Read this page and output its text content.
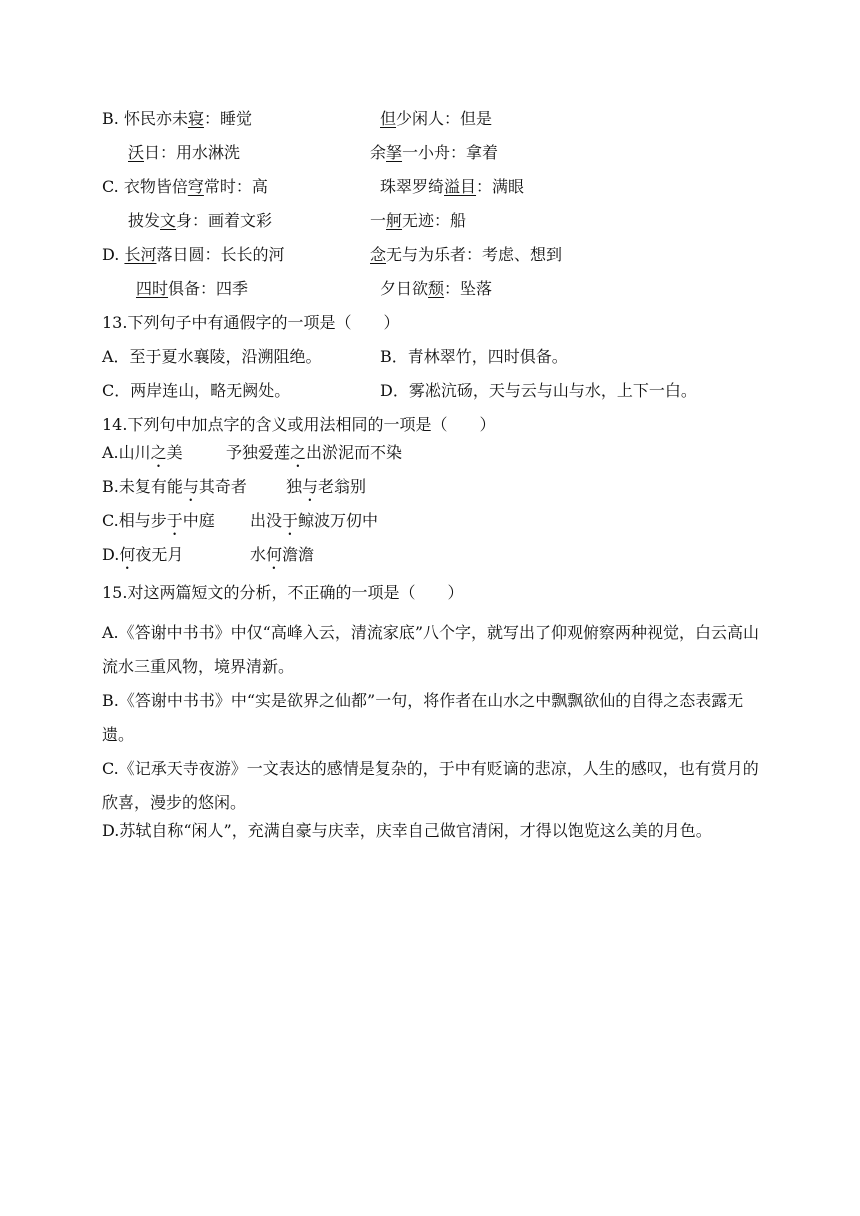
B. 怀民亦未寝：睡觉	但少闲人：但是
沃日：用水淋洗	余拏一小舟：拿着
C. 衣物皆倍穹常时：高	珠翠罗绮溢目：满眼
披发文身：画着文彩	一舸无迹：船
D. 长河落日圆：长长的河	念无与为乐者：考虑、想到
四时俱备：四季	夕日欲颓：坠落
13.下列句子中有通假字的一项是（　　）
A．至于夏水襄陵，沿溯阻绝。	B．青林翠竹，四时俱备。
C．两岸连山，略无阙处。	D．雾凇沆砀，天与云与山与水，上下一白。
14.下列句中加点字的含义或用法相同的一项是（　　）
A.山川之美	予独爱莲之出淤泥而不染
B.未复有能与其奇者 独与老翁别
C.相与步于中庭 出没于鲸波万仞中
D.何夜无月	水何澹澹
15.对这两篇短文的分析，不正确的一项是（　　）
A.《答谢中书书》中仅“高峰入云，清流家底”八个字，就写出了仰观俯察两种视觉，白云高山流水三重风物，境界清新。
B.《答谢中书书》中“实是欲界之仙都”一句，将作者在山水之中飘飘欲仙的自得之态表露无遗。
C.《记承天寺夜游》一文表达的感情是复杂的，于中有贬谪的悲凉，人生的感叹，也有赏月的欣喜，漫步的悠闲。
D.苏轼自称“闲人”，充满自豪与庆幸，庆幸自己做官清闲，才得以饱览这么美的月色。
